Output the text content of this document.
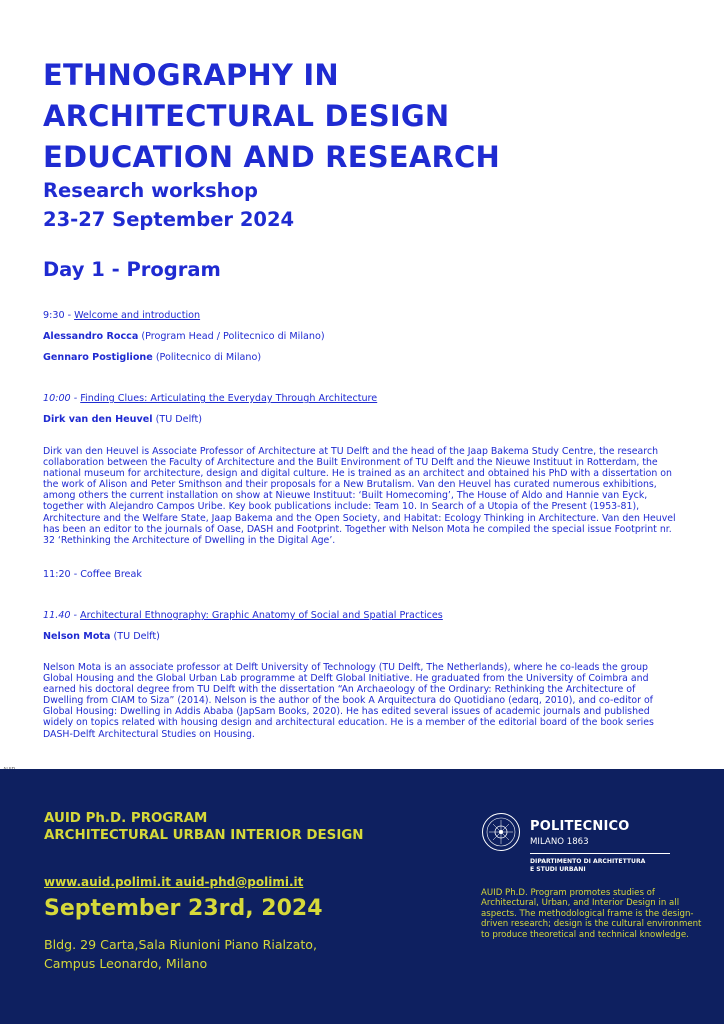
ETHNOGRAPHY IN
ARCHITECTURAL DESIGN
EDUCATION AND RESEARCH
Research workshop
23-27 September 2024
Day 1 - Program
9:30 - Welcome and introduction
Alessandro Rocca (Program Head / Politecnico di Milano)
Gennaro Postiglione (Politecnico di Milano)
10:00 - Finding Clues: Articulating the Everyday Through Architecture
Dirk van den Heuvel (TU Delft)
Dirk van den Heuvel is Associate Professor of Architecture at TU Delft and the head of the Jaap Bakema Study Centre, the research
collaboration between the Faculty of Architecture and the Built Environment of TU Delft and the Nieuwe Instituut in Rotterdam, the
national museum for architecture, design and digital culture. He is trained as an architect and obtained his PhD with a dissertation on
the work of Alison and Peter Smithson and their proposals for a New Brutalism. Van den Heuvel has curated numerous exhibitions,
among others the current installation on show at Nieuwe Instituut: ‘Built Homecoming’, The House of Aldo and Hannie van Eyck,
together with Alejandro Campos Uribe. Key book publications include: Team 10. In Search of a Utopia of the Present (1953-81),
Architecture and the Welfare State, Jaap Bakema and the Open Society, and Habitat: Ecology Thinking in Architecture. Van den Heuvel
has been an editor to the journals of Oase, DASH and Footprint. Together with Nelson Mota he compiled the special issue Footprint nr.
32 ‘Rethinking the Architecture of Dwelling in the Digital Age’.
11:20 - Coffee Break
11.40 - Architectural Ethnography: Graphic Anatomy of Social and Spatial Practices
Nelson Mota (TU Delft)
Nelson Mota is an associate professor at Delft University of Technology (TU Delft, The Netherlands), where he co-leads the group
Global Housing and the Global Urban Lab programme at Delft Global Initiative. He graduated from the University of Coimbra and
earned his doctoral degree from TU Delft with the dissertation “An Archaeology of the Ordinary: Rethinking the Architecture of
Dwelling from CIAM to Siza” (2014). Nelson is the author of the book A Arquitectura do Quotidiano (edarq, 2010), and co-editor of
Global Housing: Dwelling in Addis Ababa (JapSam Books, 2020). He has edited several issues of academic journals and published
widely on topics related with housing design and architectural education. He is a member of the editorial board of the book series
DASH-Delft Architectural Studies on Housing.
AUID Ph.D. PROGRAM
ARCHITECTURAL URBAN INTERIOR DESIGN
www.auid.polimi.it auid-phd@polimi.it
September 23rd, 2024
Bldg. 29 Carta,Sala Riunioni Piano Rialzato,
Campus Leonardo, Milano
POLITECNICO
MILANO 1863
DIPARTIMENTO DI ARCHITETTURA
E STUDI URBANI
AUID Ph.D. Program promotes studies of
Architectural, Urban, and Interior Design in all
aspects. The methodological frame is the design-
driven research; design is the cultural environment
to produce theoretical and technical knowledge.
